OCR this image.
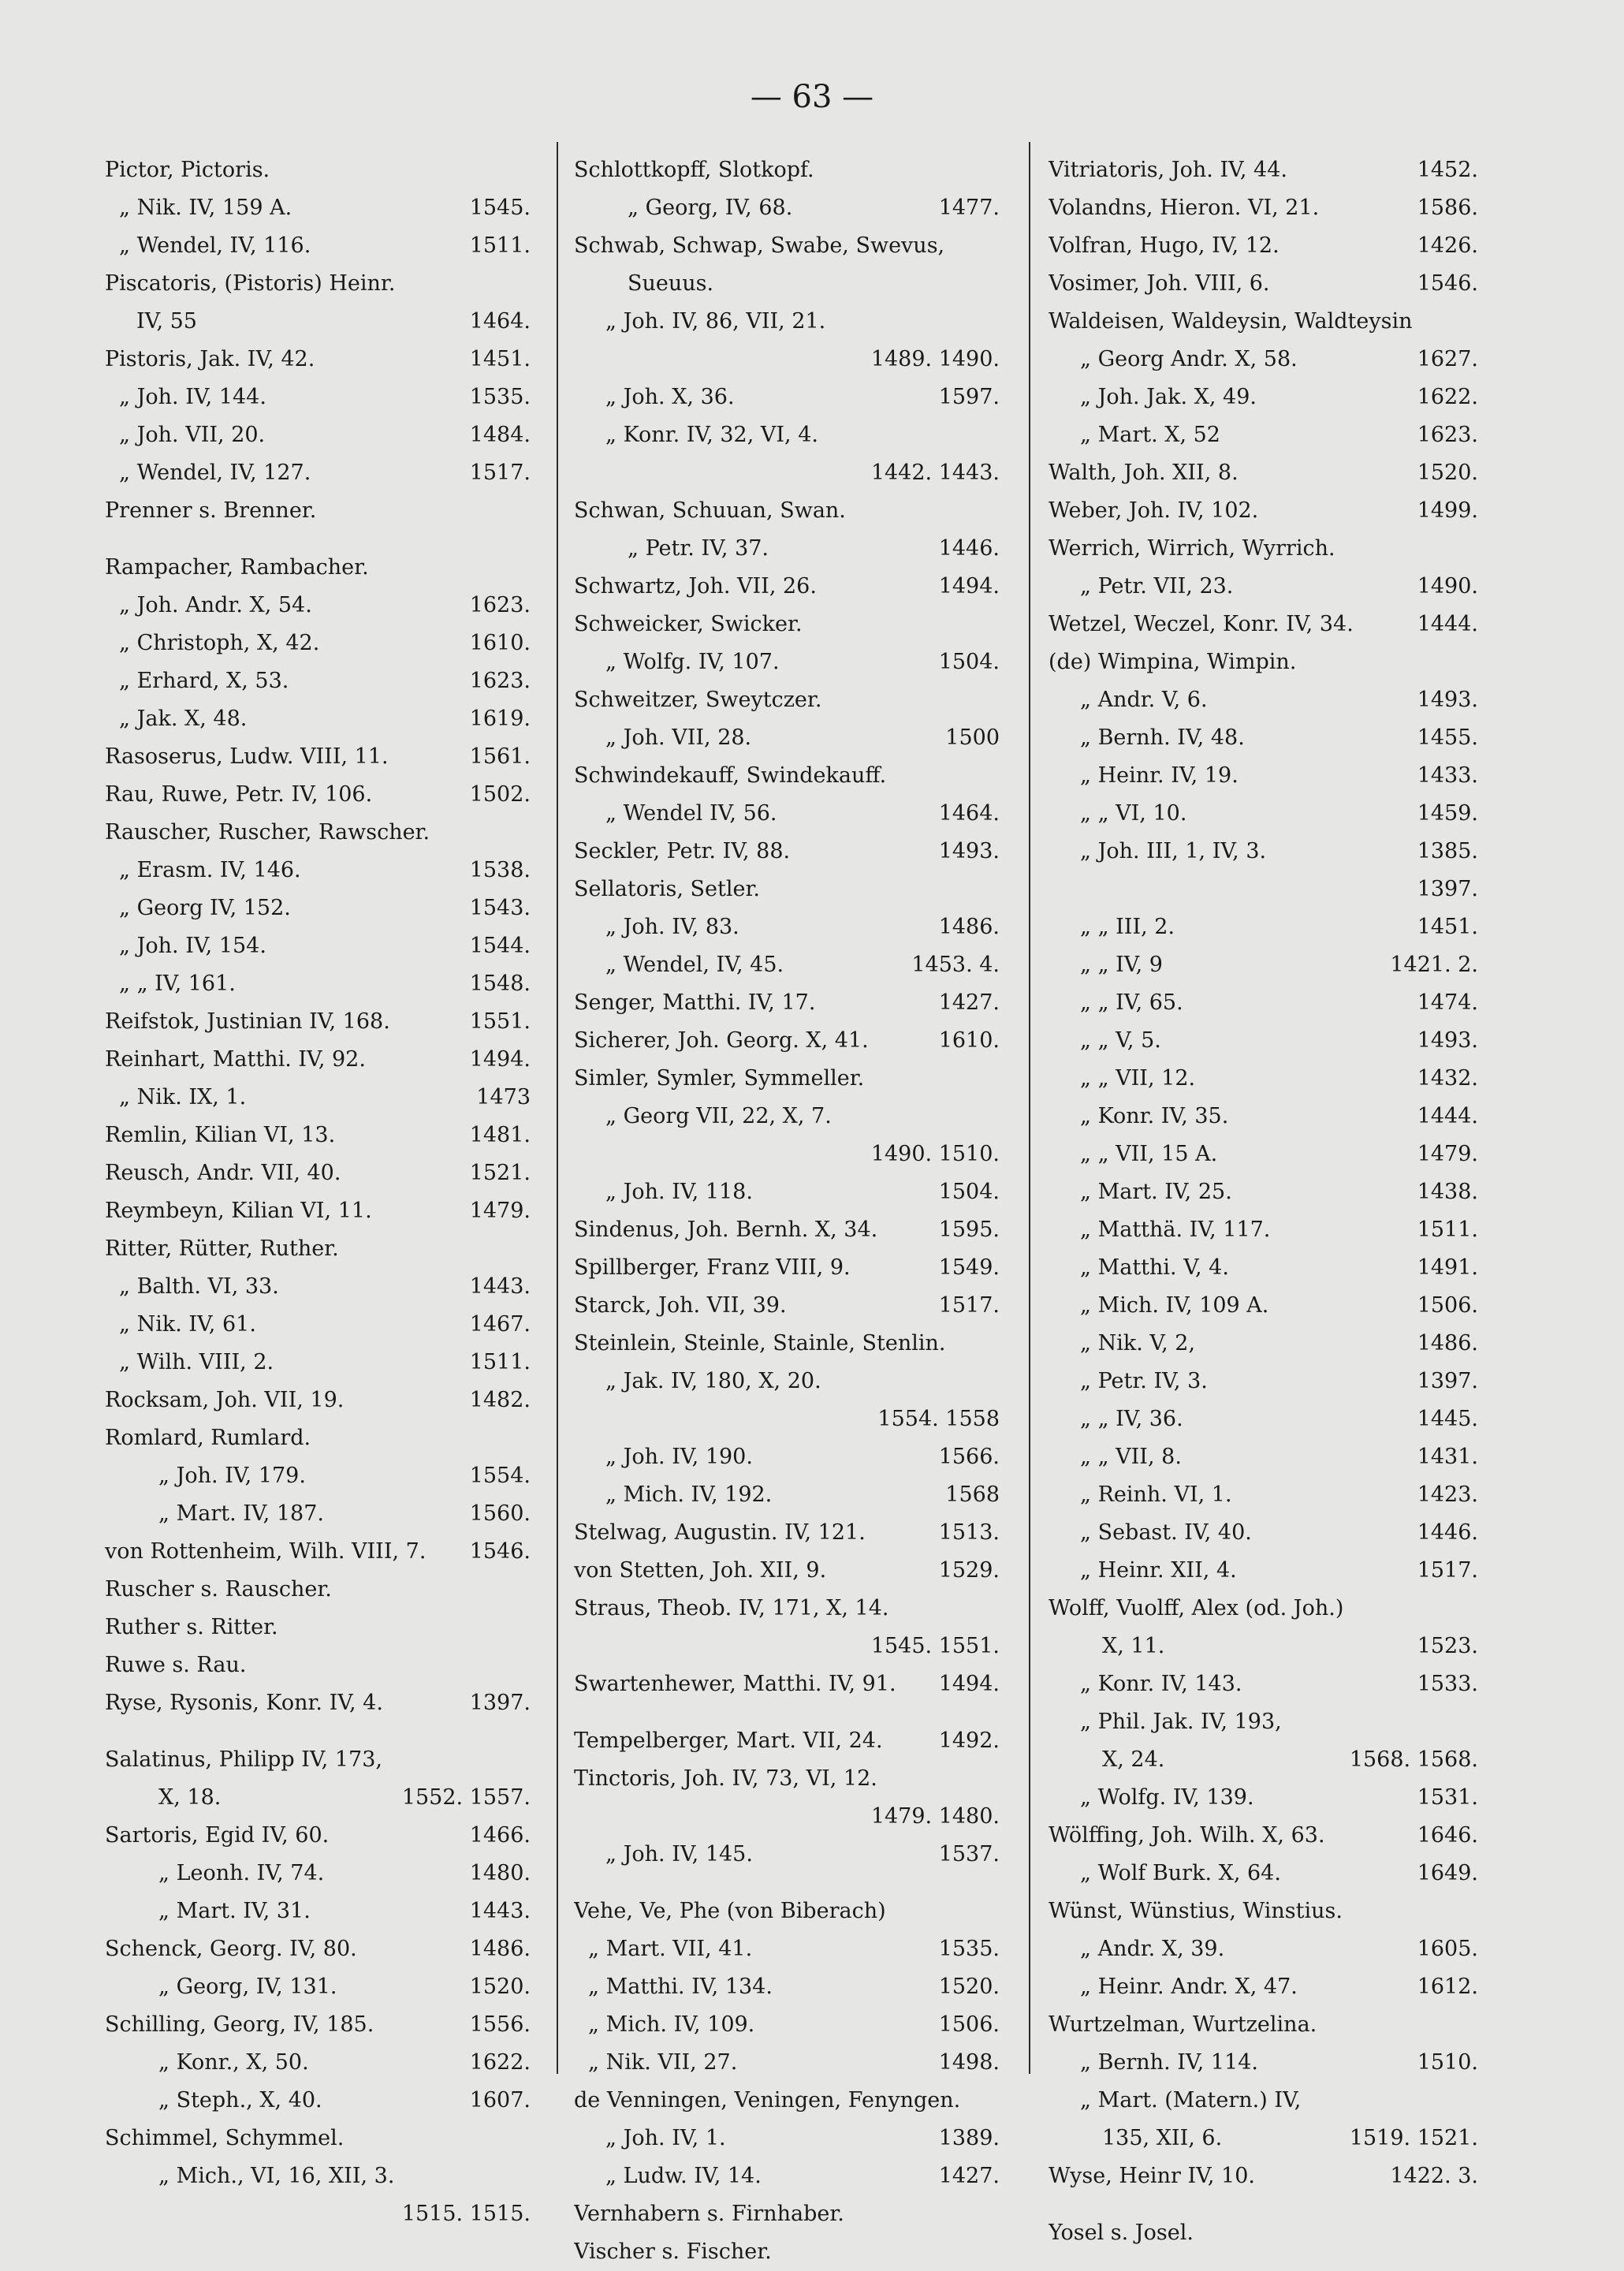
— 63 —
Pictor, Pictoris.
„ Nik. IV, 159 A.	1545.
„ Wendel, IV, 116.	1511.
Piscatoris, (Pistoris) Heinr.
IV, 55	1464.
Pistoris, Jak. IV, 42.	1451.
„ Joh. IV, 144.	1535.
„ Joh. VII, 20.	1484.
„ Wendel, IV, 127.	1517.
Prenner s. Brenner.
Rampacher, Rambacher.
„ Joh. Andr. X, 54.	1623.
„ Christoph, X, 42.	1610.
„ Erhard, X, 53.	1623.
„ Jak. X, 48.	1619.
Rasoserus, Ludw. VIII, 11.	1561.
Rau, Ruwe, Petr. IV, 106.	1502.
Rauscher, Ruscher, Rawscher.
„ Erasm. IV, 146.	1538.
„ Georg IV, 152.	1543.
„ Joh. IV, 154.	1544.
„ „ IV, 161.	1548.
Reifstok, Justinian IV, 168.	1551.
Reinhart, Matthi. IV, 92.	1494.
„ Nik. IX, 1.	1473
Remlin, Kilian VI, 13.	1481.
Reusch, Andr. VII, 40.	1521.
Reymbeyn, Kilian VI, 11.	1479.
Ritter, Rütter, Ruther.
„ Balth. VI, 33.	1443.
„ Nik. IV, 61.	1467.
„ Wilh. VIII, 2.	1511.
Rocksam, Joh. VII, 19.	1482.
Romlard, Rumlard.
„ Joh. IV, 179.	1554.
„ Mart. IV, 187.	1560.
von Rottenheim, Wilh. VIII, 7.	1546.
Ruscher s. Rauscher.
Ruther s. Ritter.
Ruwe s. Rau.
Ryse, Rysonis, Konr. IV, 4.	1397.
Salatinus, Philipp IV, 173,
X, 18.	1552. 1557.
Sartoris, Egid IV, 60.	1466.
„ Leonh. IV, 74.	1480.
„ Mart. IV, 31.	1443.
Schenck, Georg. IV, 80.	1486.
„ Georg, IV, 131.	1520.
Schilling, Georg, IV, 185.	1556.
„ Konr., X, 50.	1622.
„ Steph., X, 40.	1607.
Schimmel, Schymmel.
„ Mich., VI, 16, XII, 3.
1515. 1515.
Schlottkopff, Slotkopf.
„ Georg, IV, 68.	1477.
Schwab, Schwap, Swabe, Swevus,
Sueuus.
„ Joh. IV, 86, VII, 21.
1489. 1490.
„ Joh. X, 36.	1597.
„ Konr. IV, 32, VI, 4.
1442. 1443.
Schwan, Schuuan, Swan.
„ Petr. IV, 37.	1446.
Schwartz, Joh. VII, 26.	1494.
Schweicker, Swicker.
„ Wolfg. IV, 107.	1504.
Schweitzer, Sweytczer.
„ Joh. VII, 28.	1500
Schwindekauff, Swindekauff.
„ Wendel IV, 56.	1464.
Seckler, Petr. IV, 88.	1493.
Sellatoris, Setler.
„ Joh. IV, 83.	1486.
„ Wendel, IV, 45.	1453. 4.
Senger, Matthi. IV, 17.	1427.
Sicherer, Joh. Georg. X, 41.	1610.
Simler, Symler, Symmeller.
„ Georg VII, 22, X, 7.
1490. 1510.
„ Joh. IV, 118.	1504.
Sindenus, Joh. Bernh. X, 34.	1595.
Spillberger, Franz VIII, 9.	1549.
Starck, Joh. VII, 39.	1517.
Steinlein, Steinle, Stainle, Stenlin.
„ Jak. IV, 180, X, 20.
1554. 1558
„ Joh. IV, 190.	1566.
„ Mich. IV, 192.	1568
Stelwag, Augustin. IV, 121.	1513.
von Stetten, Joh. XII, 9.	1529.
Straus, Theob. IV, 171, X, 14.
1545. 1551.
Swartenhewer, Matthi. IV, 91.	1494.
Tempelberger, Mart. VII, 24.	1492.
Tinctoris, Joh. IV, 73, VI, 12.
1479. 1480.
„ Joh. IV, 145.	1537.
Vehe, Ve, Phe (von Biberach)
„ Mart. VII, 41.	1535.
„ Matthi. IV, 134.	1520.
„ Mich. IV, 109.	1506.
„ Nik. VII, 27.	1498.
de Venningen, Veningen, Fenyngen.
„ Joh. IV, 1.	1389.
„ Ludw. IV, 14.	1427.
Vernhabern s. Firnhaber.
Vischer s. Fischer.
Vitriatoris, Joh. IV, 44.	1452.
Volandns, Hieron. VI, 21.	1586.
Volfran, Hugo, IV, 12.	1426.
Vosimer, Joh. VIII, 6.	1546.
Waldeisen, Waldeysin, Waldteysin
„ Georg Andr. X, 58.	1627.
„ Joh. Jak. X, 49.	1622.
„ Mart. X, 52	1623.
Walth, Joh. XII, 8.	1520.
Weber, Joh. IV, 102.	1499.
Werrich, Wirrich, Wyrrich.
„ Petr. VII, 23.	1490.
Wetzel, Weczel, Konr. IV, 34.	1444.
(de) Wimpina, Wimpin.
„ Andr. V, 6.	1493.
„ Bernh. IV, 48.	1455.
„ Heinr. IV, 19.	1433.
„ „ VI, 10.	1459.
„ Joh. III, 1, IV, 3.	1385.
1397.
„ „ III, 2.	1451.
„ „ IV, 9	1421. 2.
„ „ IV, 65.	1474.
„ „ V, 5.	1493.
„ „ VII, 12.	1432.
„ Konr. IV, 35.	1444.
„ „ VII, 15 A.	1479.
„ Mart. IV, 25.	1438.
„ Matthä. IV, 117.	1511.
„ Matthi. V, 4.	1491.
„ Mich. IV, 109 A.	1506.
„ Nik. V, 2,	1486.
„ Petr. IV, 3.	1397.
„ „ IV, 36.	1445.
„ „ VII, 8.	1431.
„ Reinh. VI, 1.	1423.
„ Sebast. IV, 40.	1446.
„ Heinr. XII, 4.	1517.
Wolff, Vuolff, Alex (od. Joh.)
X, 11.	1523.
„ Konr. IV, 143.	1533.
„ Phil. Jak. IV, 193,
X, 24.	1568. 1568.
„ Wolfg. IV, 139.	1531.
Wölffing, Joh. Wilh. X, 63.	1646.
„ Wolf Burk. X, 64.	1649.
Wünst, Wünstius, Winstius.
„ Andr. X, 39.	1605.
„ Heinr. Andr. X, 47.	1612.
Wurtzelman, Wurtzelina.
„ Bernh. IV, 114.	1510.
„ Mart. (Matern.) IV,
135, XII, 6.	1519. 1521.
Wyse, Heinr IV, 10.	1422. 3.
Yosel s. Josel.
